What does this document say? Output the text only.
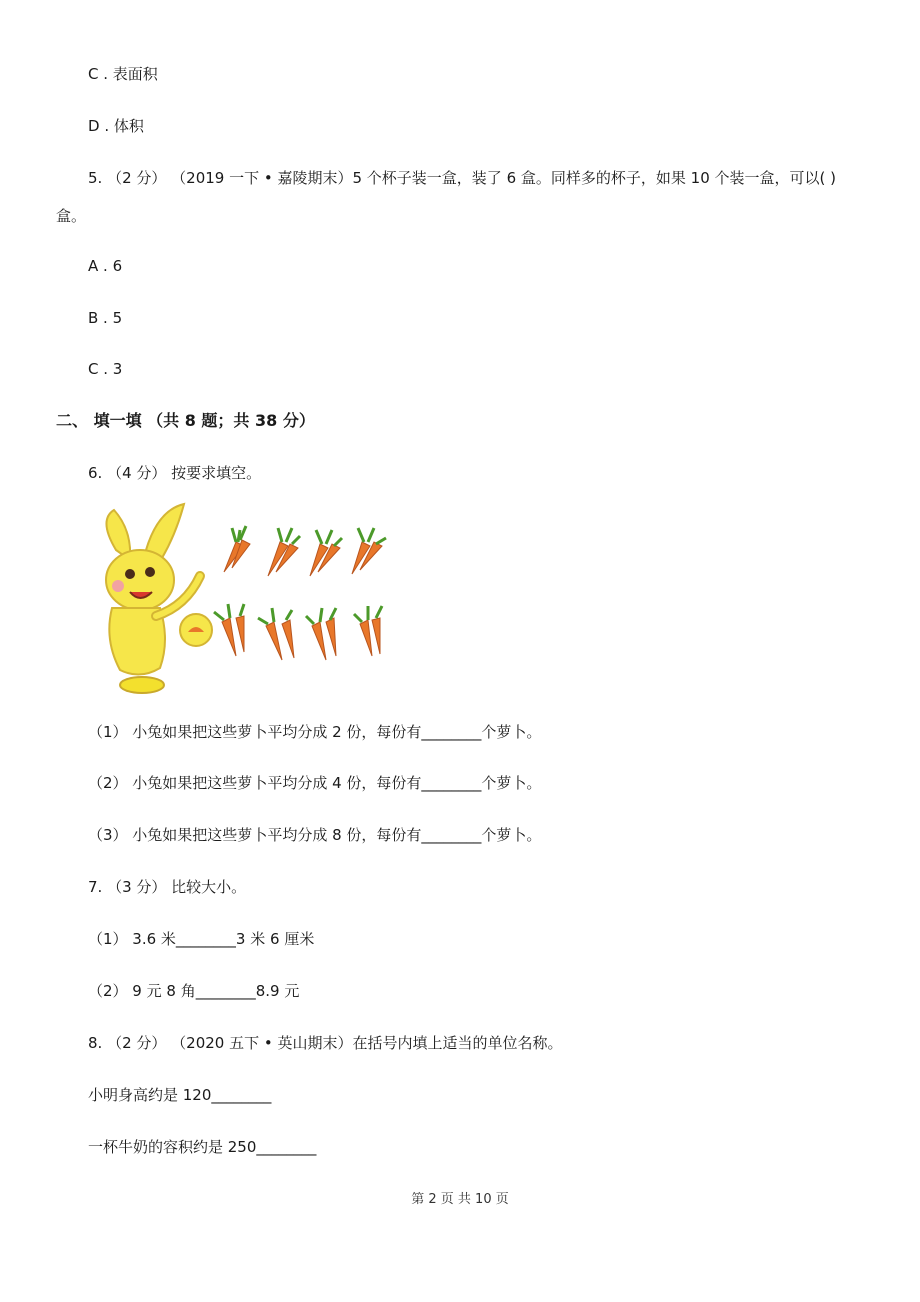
C . 表面积
D . 体积
5. （2 分） （2019 一下 • 嘉陵期末）5 个杯子装一盒，装了 6 盒。同样多的杯子，如果 10 个装一盒，可以( )
盒。
A . 6
B . 5
C . 3
二、 填一填 （共 8 题；共 38 分）
6. （4 分） 按要求填空。
（1） 小兔如果把这些萝卜平均分成 2 份，每份有________个萝卜。
（2） 小兔如果把这些萝卜平均分成 4 份，每份有________个萝卜。
（3） 小兔如果把这些萝卜平均分成 8 份，每份有________个萝卜。
7. （3 分） 比较大小。
（1） 3.6 米________3 米 6 厘米
（2） 9 元 8 角________8.9 元
8. （2 分） （2020 五下 • 英山期末）在括号内填上适当的单位名称。
小明身高约是 120________
一杯牛奶的容积约是 250________
第 2 页 共 10 页
